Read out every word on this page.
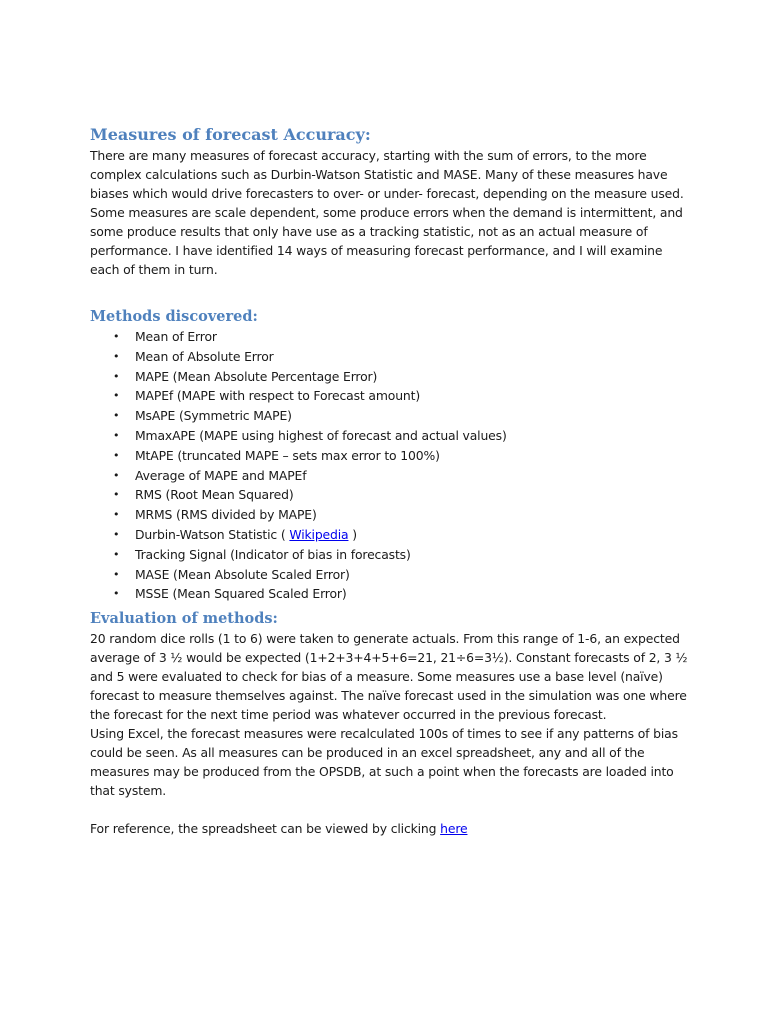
Measures of forecast Accuracy:

There are many measures of forecast accuracy, starting with the sum of errors, to the more complex calculations such as Durbin-Watson Statistic and MASE. Many of these measures have biases which would drive forecasters to over- or under- forecast, depending on the measure used. Some measures are scale dependent, some produce errors when the demand is intermittent, and some produce results that only have use as a tracking statistic, not as an actual measure of performance. I have identified 14 ways of measuring forecast performance, and I will examine each of them in turn.

Methods discovered:
• Mean of Error
• Mean of Absolute Error
• MAPE (Mean Absolute Percentage Error)
• MAPEf (MAPE with respect to Forecast amount)
• MsAPE (Symmetric MAPE)
• MmaxAPE (MAPE using highest of forecast and actual values)
• MtAPE (truncated MAPE – sets max error to 100%)
• Average of MAPE and MAPEf
• RMS (Root Mean Squared)
• MRMS (RMS divided by MAPE)
• Durbin-Watson Statistic ( Wikipedia )
• Tracking Signal (Indicator of bias in forecasts)
• MASE (Mean Absolute Scaled Error)
• MSSE (Mean Squared Scaled Error)
Evaluation of methods:

20 random dice rolls (1 to 6) were taken to generate actuals. From this range of 1-6, an expected average of 3 ½ would be expected (1+2+3+4+5+6=21, 21÷6=3½). Constant forecasts of 2, 3 ½ and 5 were evaluated to check for bias of a measure. Some measures use a base level (naïve) forecast to measure themselves against. The naïve forecast used in the simulation was one where the forecast for the next time period was whatever occurred in the previous forecast.

Using Excel, the forecast measures were recalculated 100s of times to see if any patterns of bias could be seen. As all measures can be produced in an excel spreadsheet, any and all of the measures may be produced from the OPSDB, at such a point when the forecasts are loaded into that system.

For reference, the spreadsheet can be viewed by clicking here
